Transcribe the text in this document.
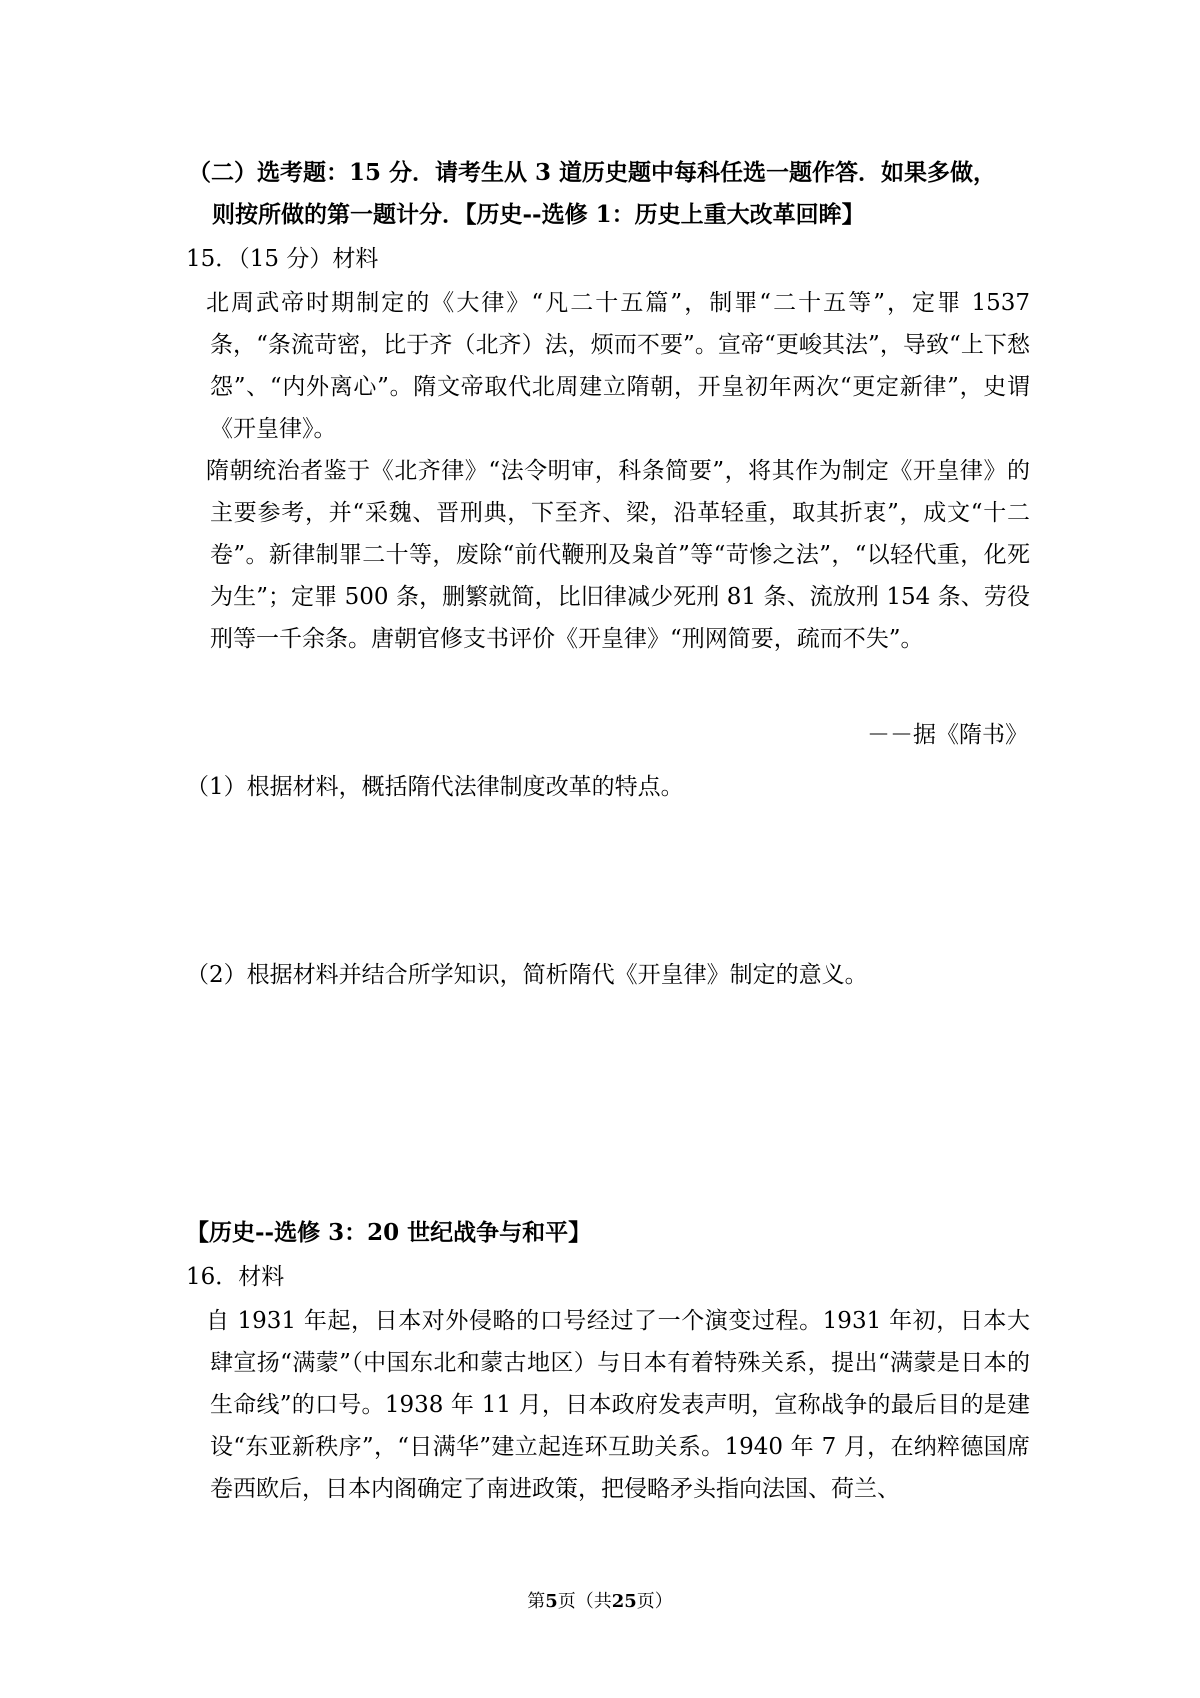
（二）选考题：15 分．请考生从 3 道历史题中每科任选一题作答．如果多做，
则按所做的第一题计分．【历史--选修 1：历史上重大改革回眸】
15．（15 分）材料

北周武帝时期制定的《大律》“凡二十五篇”，制罪“二十五等”，定罪 1537 条，“条流苛密，比于齐（北齐）法，烦而不要”。宣帝“更峻其法”，导致“上下愁怨”、“内外离心”。隋文帝取代北周建立隋朝，开皇初年两次“更定新律”，史谓《开皇律》。

隋朝统治者鉴于《北齐律》“法令明审，科条简要”，将其作为制定《开皇律》的主要参考，并“采魏、晋刑典，下至齐、梁，沿革轻重，取其折衷”，成文“十二卷”。新律制罪二十等，废除“前代鞭刑及枭首”等“苛惨之法”，“以轻代重，化死为生”；定罪 500 条，删繁就简，比旧律减少死刑 81 条、流放刑 154 条、劳役刑等一千余条。唐朝官修支书评价《开皇律》“刑网简要，疏而不失”。

－－据《隋书》
（1）根据材料，概括隋代法律制度改革的特点。
（2）根据材料并结合所学知识，简析隋代《开皇律》制定的意义。
【历史--选修 3：20 世纪战争与和平】
16．材料

自 1931 年起，日本对外侵略的口号经过了一个演变过程。1931 年初，日本大肆宣扬“满蒙”（中国东北和蒙古地区）与日本有着特殊关系，提出“满蒙是日本的生命线”的口号。1938 年 11 月，日本政府发表声明，宣称战争的最后目的是建设“东亚新秩序”，“日满华”建立起连环互助关系。1940 年 7 月，在纳粹德国席卷西欧后，日本内阁确定了南进政策，把侵略矛头指向法国、荷兰、

第5页（共25页）
